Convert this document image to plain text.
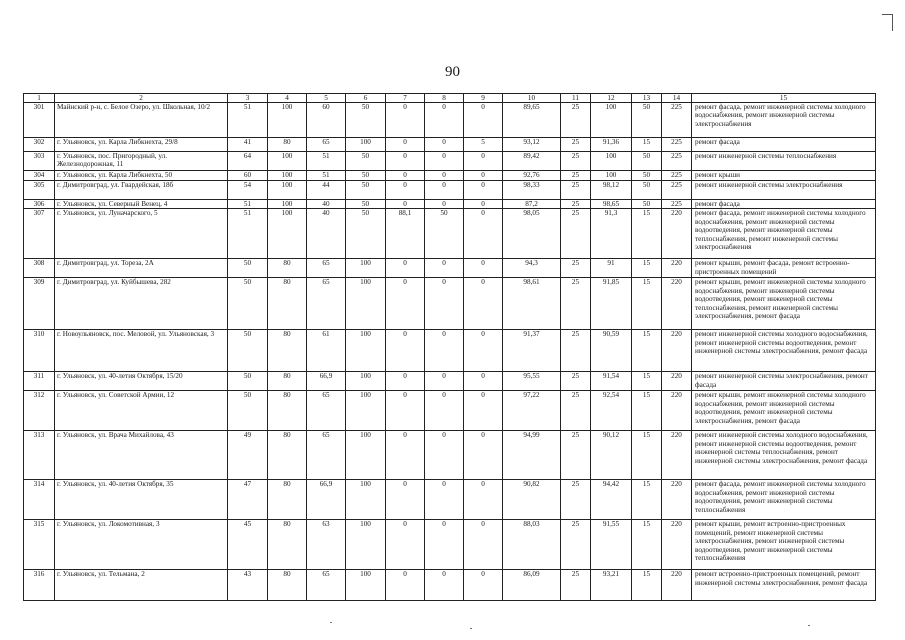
90
1	2	3	4	5	6	7	8	9	10	11	12	13	14	15
301	Майнский р-н, с. Белое Озеро, ул. Школьная, 10/2	51	100	60	50	0	0	0	89,65	25	100	50	225	ремонт фасада, ремонт инженерной системы холодного водоснабжения, ремонт инженерной системы электроснабжения
302	г. Ульяновск, ул. Карла Либкнехта, 29/8	41	80	65	100	0	0	5	93,12	25	91,36	15	225	ремонт фасада
303	г. Ульяновск, пос. Пригородный, ул. Железнодорожная, 11	64	100	51	50	0	0	0	89,42	25	100	50	225	ремонт инженерной системы теплоснабжения
304	г. Ульяновск, ул. Карла Либкнехта, 50	60	100	51	50	0	0	0	92,76	25	100	50	225	ремонт крыши
305	г. Димитровград, ул. Гвардейская, 18б	54	100	44	50	0	0	0	98,33	25	98,12	50	225	ремонт инженерной системы электроснабжения
306	г. Ульяновск, ул. Северный Венец, 4	51	100	40	50	0	0	0	87,2	25	98,65	50	225	ремонт фасада
307	г. Ульяновск, ул. Луначарского, 5	51	100	40	50	88,1	50	0	98,05	25	91,3	15	220	ремонт фасада, ремонт инженерной системы холодного водоснабжения, ремонт инженерной системы водоотведения, ремонт инженерной системы теплоснабжения, ремонт инженерной системы электроснабжения
308	г. Димитровград, ул. Тореза, 2А	50	80	65	100	0	0	0	94,3	25	91	15	220	ремонт крыши, ремонт фасада, ремонт встроенно-пристроенных помещений
309	г. Димитровград, ул. Куйбышева, 282	50	80	65	100	0	0	0	98,61	25	91,85	15	220	ремонт крыши, ремонт инженерной системы холодного водоснабжения, ремонт инженерной системы водоотведения, ремонт инженерной системы теплоснабжения, ремонт инженерной системы электроснабжения, ремонт фасада
310	г. Новоульяновск, пос. Меловой, ул. Ульяновская, 3	50	80	61	100	0	0	0	91,37	25	90,59	15	220	ремонт инженерной системы холодного водоснабжения, ремонт инженерной системы водоотведения, ремонт инженерной системы электроснабжения, ремонт фасада
311	г. Ульяновск, ул. 40-летия Октября, 15/20	50	80	66,9	100	0	0	0	95,55	25	91,54	15	220	ремонт инженерной системы электроснабжения, ремонт фасада
312	г. Ульяновск, ул. Советской Армии, 12	50	80	65	100	0	0	0	97,22	25	92,54	15	220	ремонт крыши, ремонт инженерной системы холодного водоснабжения, ремонт инженерной системы водоотведения, ремонт инженерной системы электроснабжения, ремонт фасада
313	г. Ульяновск, ул. Врача Михайлова, 43	49	80	65	100	0	0	0	94,99	25	90,12	15	220	ремонт инженерной системы холодного водоснабжения, ремонт инженерной системы водоотведения, ремонт инженерной системы теплоснабжения, ремонт инженерной системы электроснабжения, ремонт фасада
314	г. Ульяновск, ул. 40-летия Октября, 35	47	80	66,9	100	0	0	0	90,82	25	94,42	15	220	ремонт фасада, ремонт инженерной системы холодного водоснабжения, ремонт инженерной системы водоотведения, ремонт инженерной системы теплоснабжения
315	г. Ульяновск, ул. Локомотивная, 3	45	80	63	100	0	0	0	88,03	25	91,55	15	220	ремонт крыши, ремонт встроенно-пристроенных помещений, ремонт инженерной системы электроснабжения, ремонт инженерной системы водоотведения, ремонт инженерной системы теплоснабжения
316	г. Ульяновск, ул. Тельмана, 2	43	80	65	100	0	0	0	86,09	25	93,21	15	220	ремонт встроенно-пристроенных помещений, ремонт инженерной системы электроснабжения, ремонт фасада
